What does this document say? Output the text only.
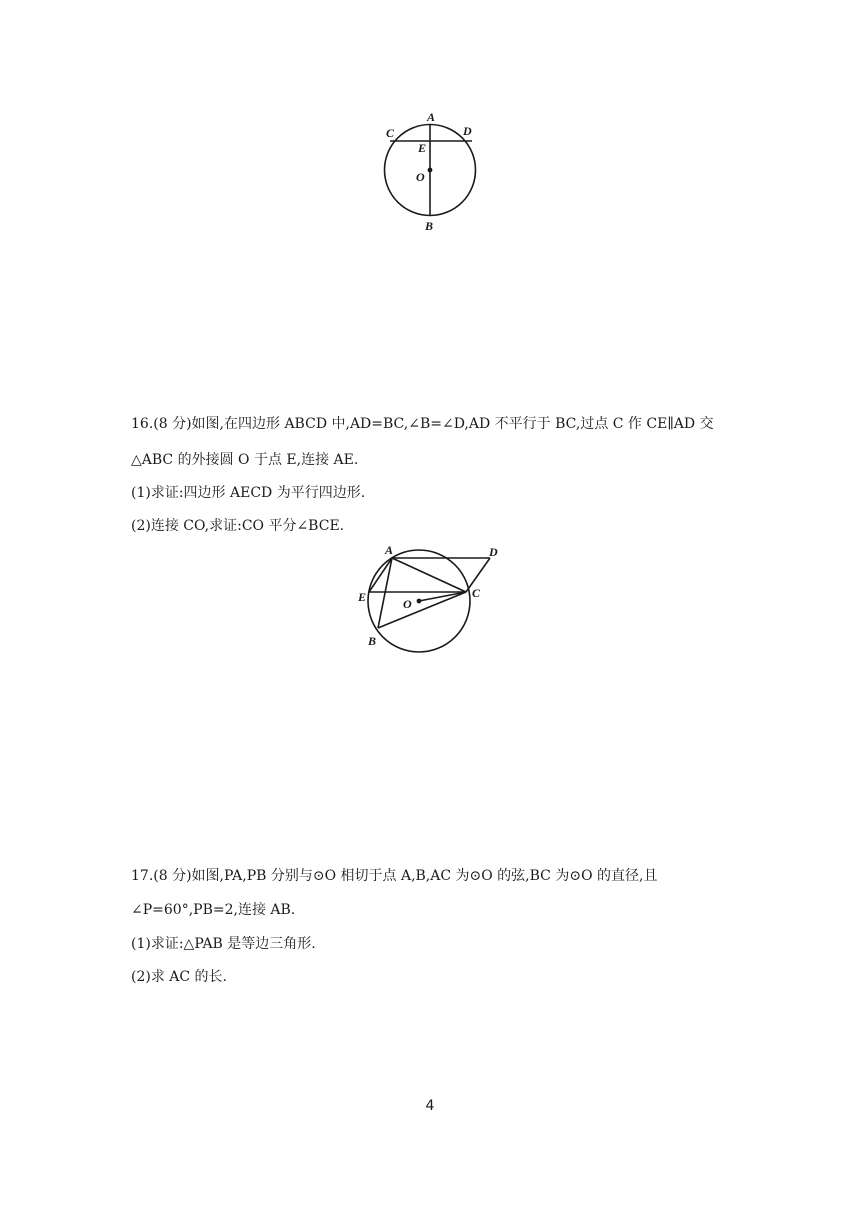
A
B
C	D
E
O
16.(8 分)如图,在四边形 ABCD 中,AD=BC,∠B=∠D,AD 不平行于 BC,过点 C 作 CE∥AD 交
△ABC 的外接圆 O 于点 E,连接 AE.
(1)求证:四边形 AECD 为平行四边形.
(2)连接 CO,求证:CO 平分∠BCE.
A
B
C
D
E	O
17.(8 分)如图,PA,PB 分别与⊙O 相切于点 A,B,AC 为⊙O 的弦,BC 为⊙O 的直径,且
∠P=60°,PB=2,连接 AB.
(1)求证:△PAB 是等边三角形.
(2)求 AC 的长.
4
